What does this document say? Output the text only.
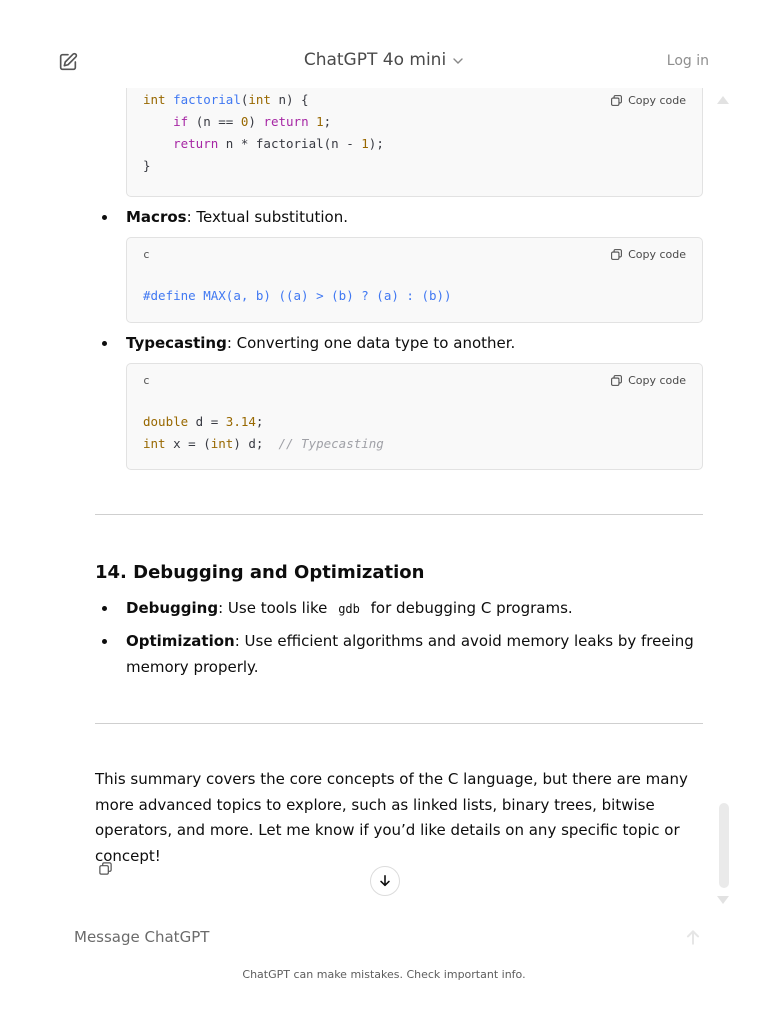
ChatGPT 4o mini	Log in
Copy code
int factorial(int n) {
if (n == 0) return 1;
return n * factorial(n - 1);
}
Macros: Textual substitution.
c	Copy code
#define MAX(a, b) ((a) > (b) ? (a) : (b))
Typecasting: Converting one data type to another.
c	Copy code
double d = 3.14;
int x = (int) d;  // Typecasting
14. Debugging and Optimization
Debugging: Use tools like gdb for debugging C programs.
Optimization: Use efficient algorithms and avoid memory leaks by freeing memory properly.
This summary covers the core concepts of the C language, but there are many more advanced topics to explore, such as linked lists, binary trees, bitwise operators, and more. Let me know if you’d like details on any specific topic or concept!
Message ChatGPT
ChatGPT can make mistakes. Check important info.
